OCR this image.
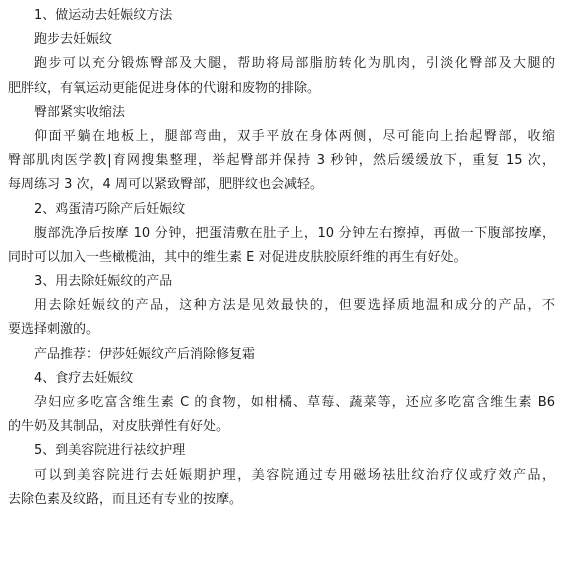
1、做运动去妊娠纹方法
跑步去妊娠纹
跑步可以充分锻炼臀部及大腿，帮助将局部脂肪转化为肌肉，引淡化臀部及大腿的
肥胖纹，有氧运动更能促进身体的代谢和废物的排除。
臀部紧实收缩法
仰面平躺在地板上，腿部弯曲，双手平放在身体两侧，尽可能向上抬起臀部，收缩
臀部肌肉医学教|育网搜集整理，举起臀部并保持 3 秒钟，然后缓缓放下，重复 15 次，
每周练习 3 次，4 周可以紧致臀部，肥胖纹也会减轻。
2、鸡蛋清巧除产后妊娠纹
腹部洗净后按摩 10 分钟，把蛋清敷在肚子上，10 分钟左右擦掉，再做一下腹部按摩，
同时可以加入一些橄榄油，其中的维生素 E 对促进皮肤胶原纤维的再生有好处。
3、用去除妊娠纹的产品
用去除妊娠纹的产品，这种方法是见效最快的，但要选择质地温和成分的产品，不
要选择刺激的。
产品推荐：伊莎妊娠纹产后消除修复霜
4、食疗去妊娠纹
孕妇应多吃富含维生素 C 的食物，如柑橘、草莓、蔬菜等，还应多吃富含维生素 B6
的牛奶及其制品，对皮肤弹性有好处。
5、到美容院进行祛纹护理
可以到美容院进行去妊娠期护理，美容院通过专用磁场祛肚纹治疗仪或疗效产品，
去除色素及纹路，而且还有专业的按摩。
